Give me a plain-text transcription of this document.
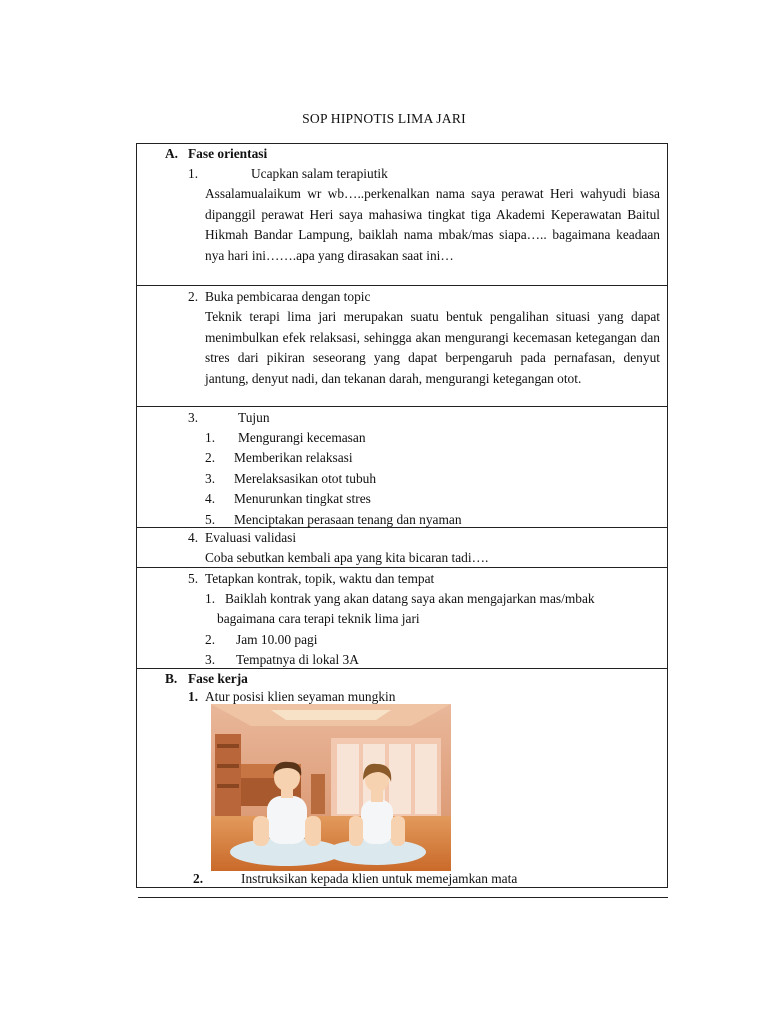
SOP HIPNOTIS LIMA JARI
A. Fase orientasi
1.	Ucapkan salam terapiutik
Assalamualaikum wr wb…..perkenalkan nama saya perawat Heri wahyudi biasa dipanggil perawat Heri saya mahasiwa tingkat tiga Akademi Keperawatan Baitul Hikmah Bandar Lampung, baiklah nama mbak/mas siapa….. bagaimana keadaan nya hari ini…….apa yang dirasakan saat ini…
2. Buka pembicaraa dengan topic
Teknik terapi lima jari merupakan suatu bentuk pengalihan situasi yang dapat menimbulkan efek relaksasi, sehingga akan mengurangi kecemasan ketegangan dan stres dari pikiran seseorang yang dapat berpengaruh pada pernafasan, denyut jantung, denyut nadi, dan tekanan darah, mengurangi ketegangan otot.
3.	Tujun
1. Mengurangi kecemasan
2. Memberikan relaksasi
3. Merelaksasikan otot tubuh
4. Menurunkan tingkat stres
5. Menciptakan perasaan tenang dan nyaman
4. Evaluasi validasi
Coba sebutkan kembali apa yang kita bicaran tadi….
5. Tetapkan kontrak, topik, waktu dan tempat
1. Baiklah kontrak yang akan datang saya akan mengajarkan mas/mbak
bagaimana cara terapi teknik lima jari
2. Jam 10.00 pagi
3. Tempatnya di lokal 3A
B. Fase kerja
1. Atur posisi klien seyaman mungkin
2.	Instruksikan kepada klien untuk memejamkan mata
